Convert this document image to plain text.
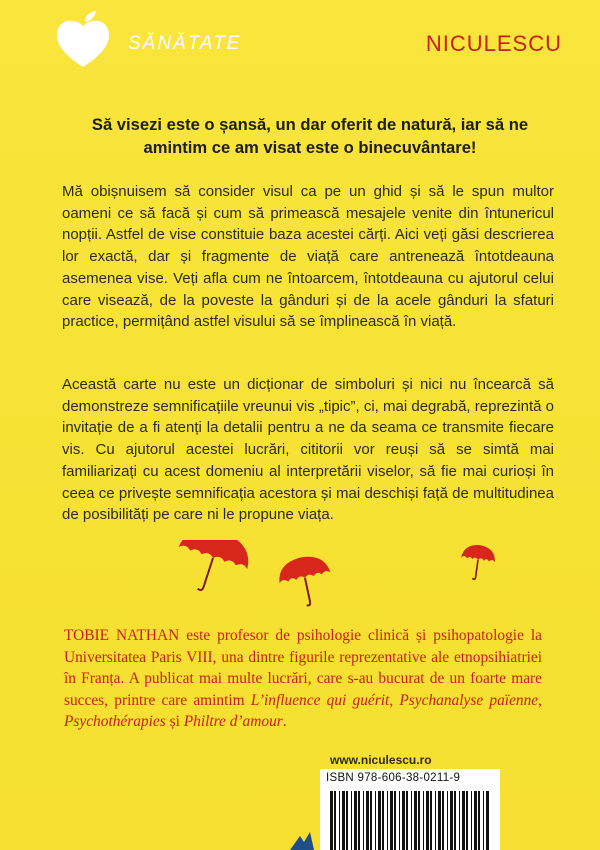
SĂNĂTATE	NICULESCU
Să visezi este o șansă, un dar oferit de natură, iar să ne amintim ce am visat este o binecuvântare!
Mă obișnuisem să consider visul ca pe un ghid și să le spun multor oameni ce să facă și cum să primească mesajele venite din întunericul nopții. Astfel de vise constituie baza acestei cărți. Aici veți găsi descrierea lor exactă, dar și fragmente de viață care antrenează întotdeauna asemenea vise. Veți afla cum ne întoarcem, întotdeauna cu ajutorul celui care visează, de la poveste la gânduri și de la acele gânduri la sfaturi practice, permițând astfel visului să se împlinească în viață.
Această carte nu este un dicționar de simboluri și nici nu încearcă să demonstreze semnificațiile vreunui vis „tipic”, ci, mai degrabă, reprezintă o invitație de a fi atenți la detalii pentru a ne da seama ce transmite fiecare vis. Cu ajutorul acestei lucrări, cititorii vor reuși să se simtă mai familiarizați cu acest domeniu al interpretării viselor, să fie mai curioși în ceea ce privește semnificația acestora și mai deschiși față de multitudinea de posibilități pe care ni le propune viața.
TOBIE NATHAN este profesor de psihologie clinică și psihopatologie la Universitatea Paris VIII, una dintre figurile reprezentative ale etnopsihiatriei în Franța. A publicat mai multe lucrări, care s-au bucurat de un foarte mare succes, printre care amintim L’influence qui guérit, Psychanalyse païenne, Psychothérapies și Philtre d’amour.
www.niculescu.ro
ISBN 978-606-38-0211-9
